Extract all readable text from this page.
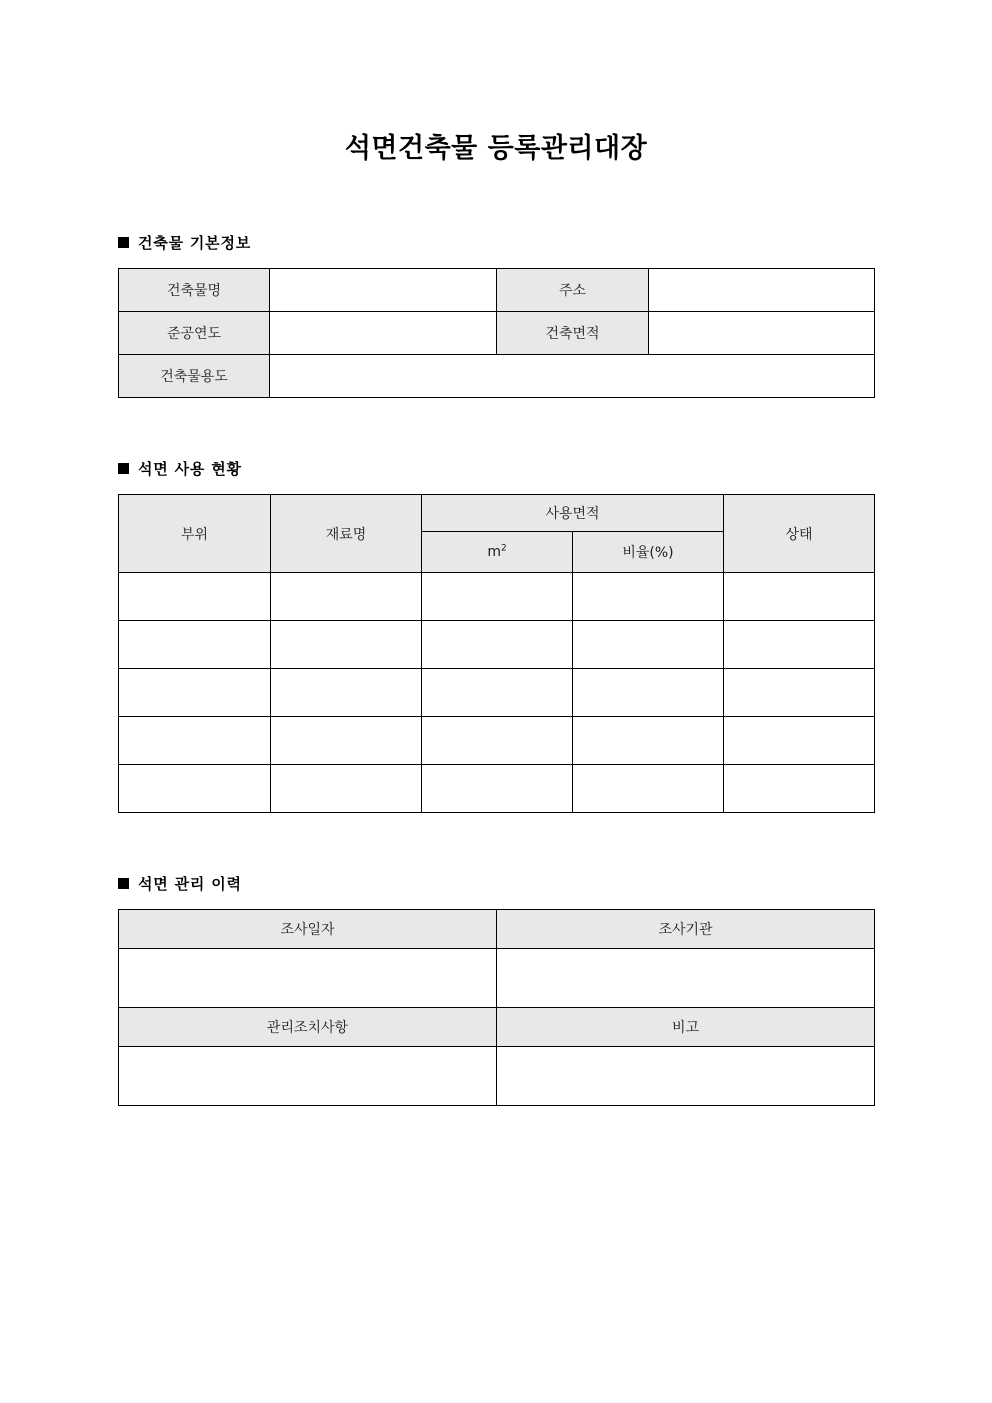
석면건축물 등록관리대장
건축물 기본정보
건축물명		주소	
준공연도		건축면적	
건축물용도			
석면 사용 현황
부위	재료명	사용면적		상태
		$m^2$	비율(%)	

석면 관리 이력
조사일자	조사기관

관리조치사항	비고
